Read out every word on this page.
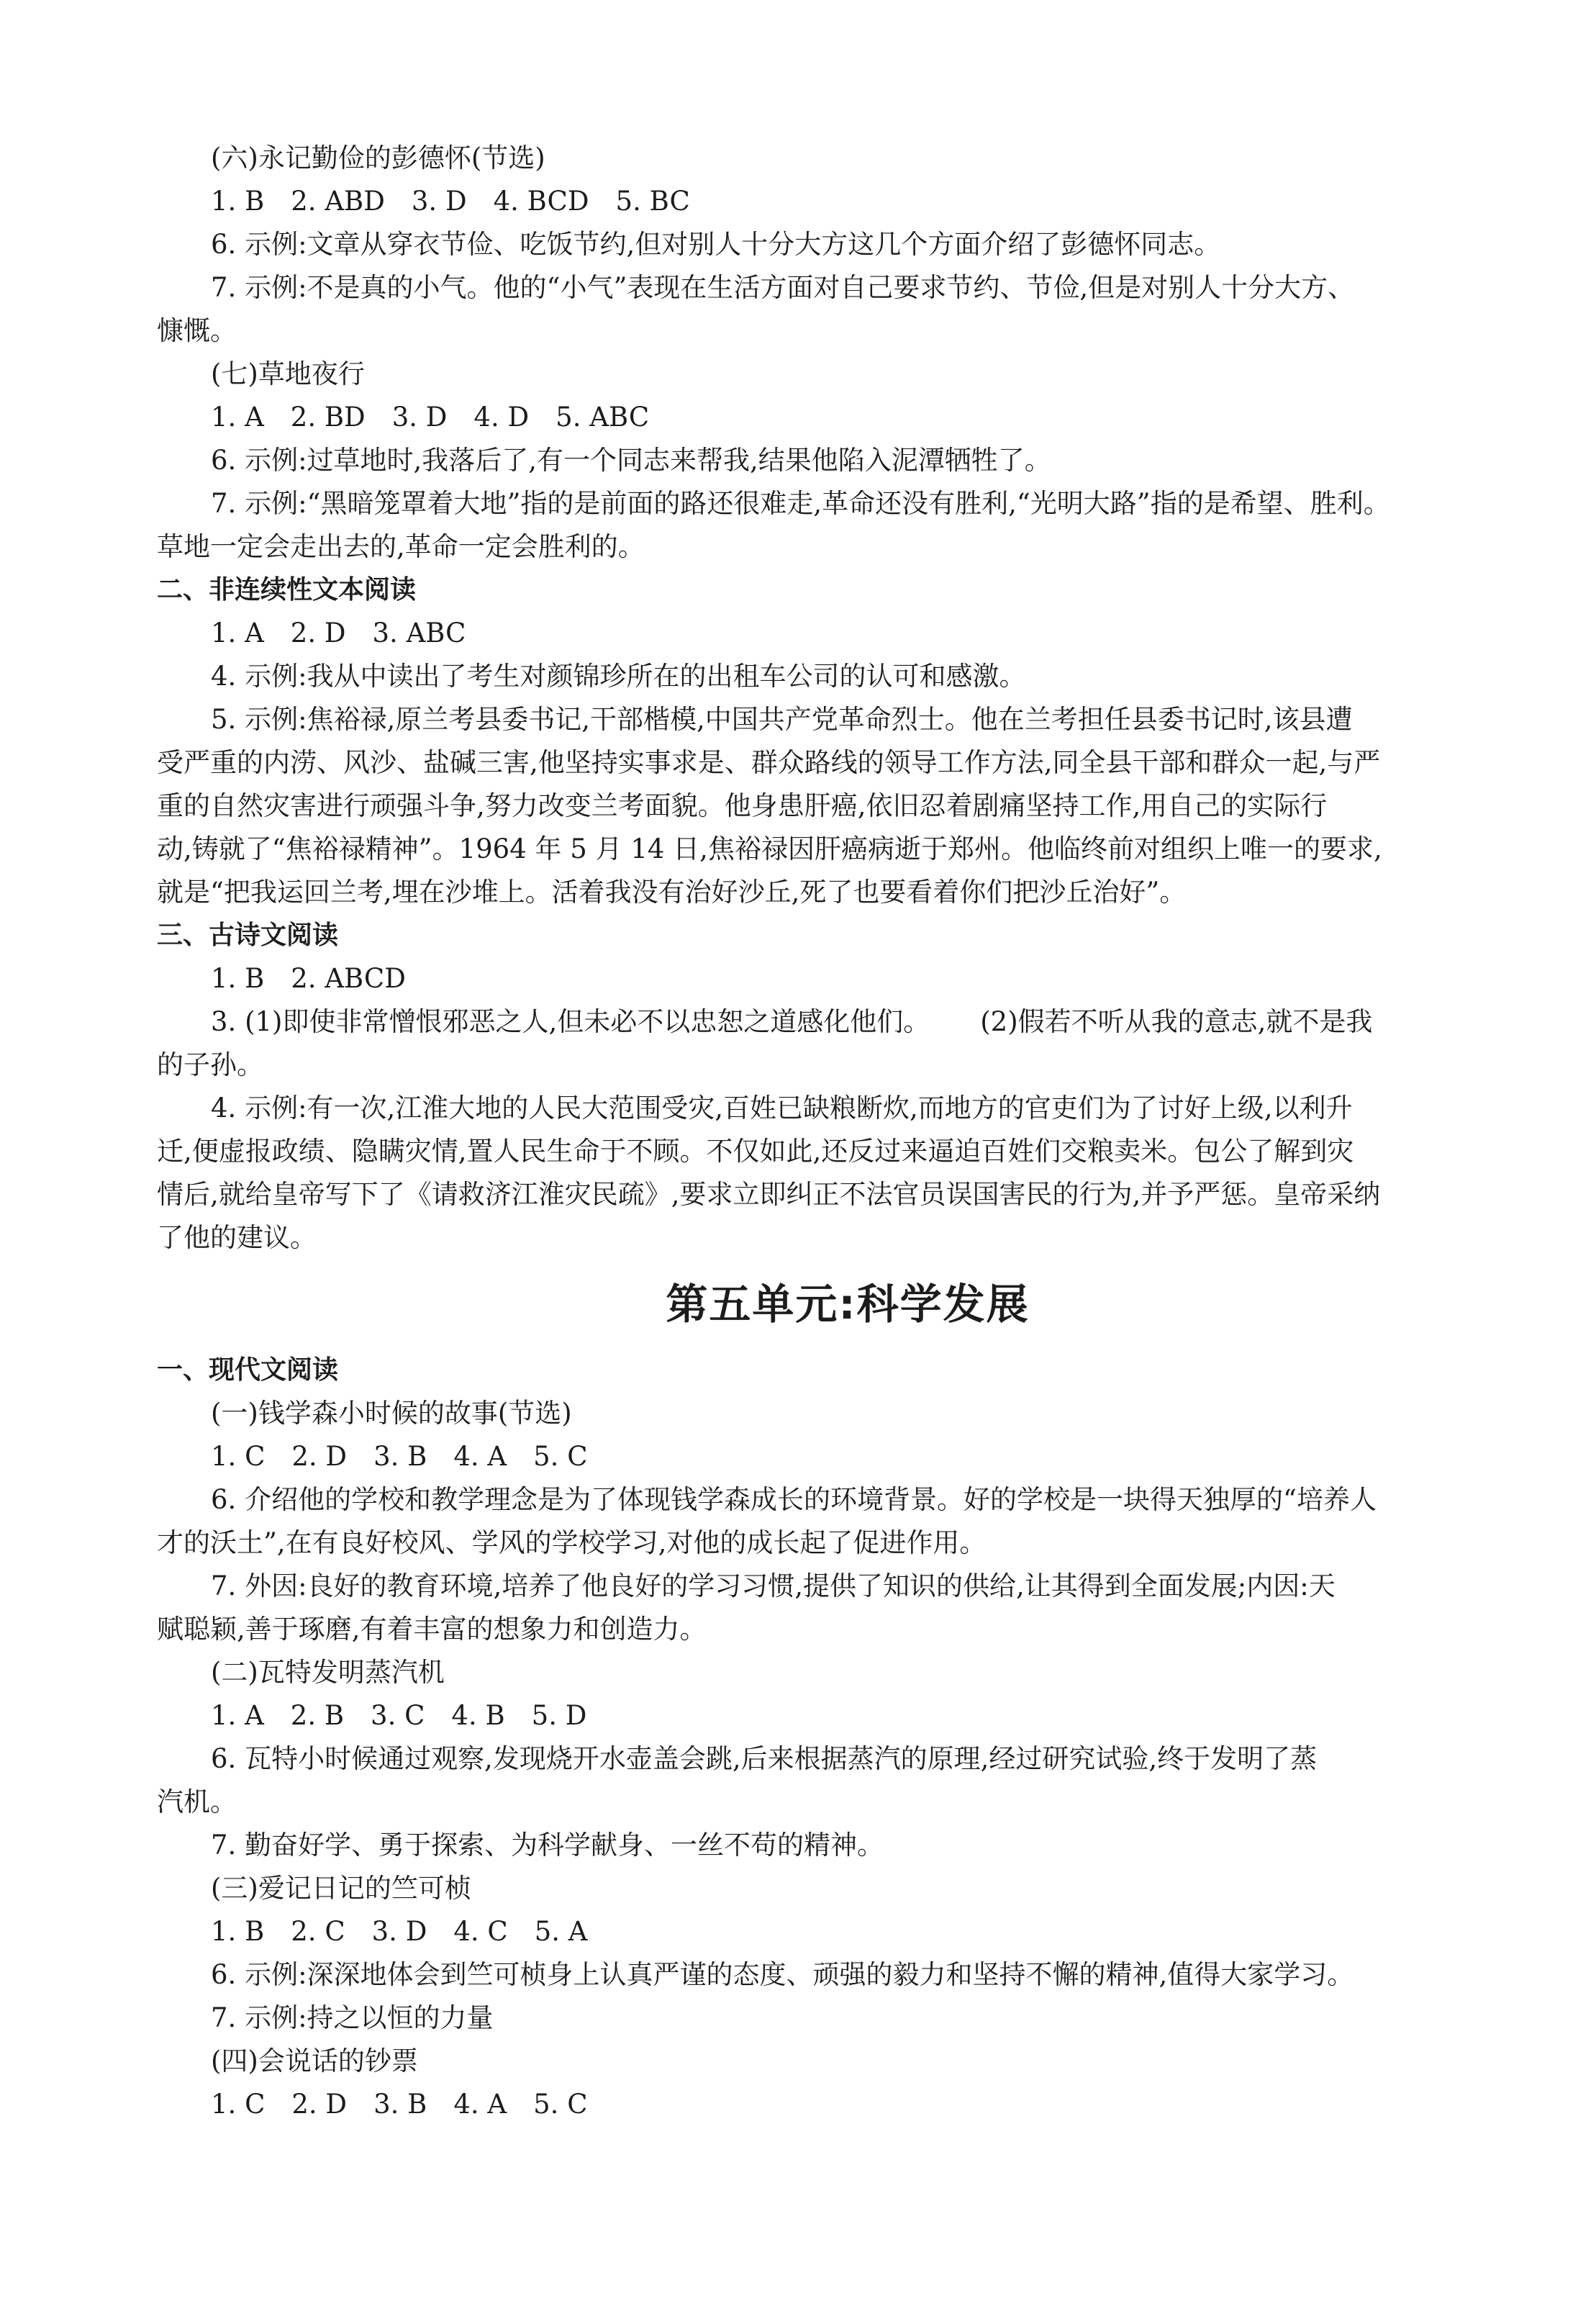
(六)永记勤俭的彭德怀(节选)

1. B　2. ABD　3. D　4. BCD　5. BC

6. 示例:文章从穿衣节俭、吃饭节约,但对别人十分大方这几个方面介绍了彭德怀同志。

7. 示例:不是真的小气。他的“小气”表现在生活方面对自己要求节约、节俭,但是对别人十分大方、

慷慨。

(七)草地夜行

1. A　2. BD　3. D　4. D　5. ABC

6. 示例:过草地时,我落后了,有一个同志来帮我,结果他陷入泥潭牺牲了。

7. 示例:“黑暗笼罩着大地”指的是前面的路还很难走,革命还没有胜利,“光明大路”指的是希望、胜利。

草地一定会走出去的,革命一定会胜利的。

二、非连续性文本阅读

1. A　2. D　3. ABC

4. 示例:我从中读出了考生对颜锦珍所在的出租车公司的认可和感激。

5. 示例:焦裕禄,原兰考县委书记,干部楷模,中国共产党革命烈士。他在兰考担任县委书记时,该县遭

受严重的内涝、风沙、盐碱三害,他坚持实事求是、群众路线的领导工作方法,同全县干部和群众一起,与严

重的自然灾害进行顽强斗争,努力改变兰考面貌。他身患肝癌,依旧忍着剧痛坚持工作,用自己的实际行

动,铸就了“焦裕禄精神”。1964 年 5 月 14 日,焦裕禄因肝癌病逝于郑州。他临终前对组织上唯一的要求,

就是“把我运回兰考,埋在沙堆上。活着我没有治好沙丘,死了也要看着你们把沙丘治好”。

三、古诗文阅读

1. B　2. ABCD

3. (1)即使非常憎恨邪恶之人,但未必不以忠恕之道感化他们。 (2)假若不听从我的意志,就不是我

的子孙。

4. 示例:有一次,江淮大地的人民大范围受灾,百姓已缺粮断炊,而地方的官吏们为了讨好上级,以利升

迁,便虚报政绩、隐瞒灾情,置人民生命于不顾。不仅如此,还反过来逼迫百姓们交粮卖米。包公了解到灾

情后,就给皇帝写下了《请救济江淮灾民疏》,要求立即纠正不法官员误国害民的行为,并予严惩。皇帝采纳

了他的建议。

第五单元:科学发展

一、现代文阅读

(一)钱学森小时候的故事(节选)

1. C　2. D　3. B　4. A　5. C

6. 介绍他的学校和教学理念是为了体现钱学森成长的环境背景。好的学校是一块得天独厚的“培养人

才的沃土”,在有良好校风、学风的学校学习,对他的成长起了促进作用。

7. 外因:良好的教育环境,培养了他良好的学习习惯,提供了知识的供给,让其得到全面发展;内因:天

赋聪颖,善于琢磨,有着丰富的想象力和创造力。

(二)瓦特发明蒸汽机

1. A　2. B　3. C　4. B　5. D

6. 瓦特小时候通过观察,发现烧开水壶盖会跳,后来根据蒸汽的原理,经过研究试验,终于发明了蒸

汽机。

7. 勤奋好学、勇于探索、为科学献身、一丝不苟的精神。

(三)爱记日记的竺可桢

1. B　2. C　3. D　4. C　5. A

6. 示例:深深地体会到竺可桢身上认真严谨的态度、顽强的毅力和坚持不懈的精神,值得大家学习。

7. 示例:持之以恒的力量

(四)会说话的钞票

1. C　2. D　3. B　4. A　5. C
